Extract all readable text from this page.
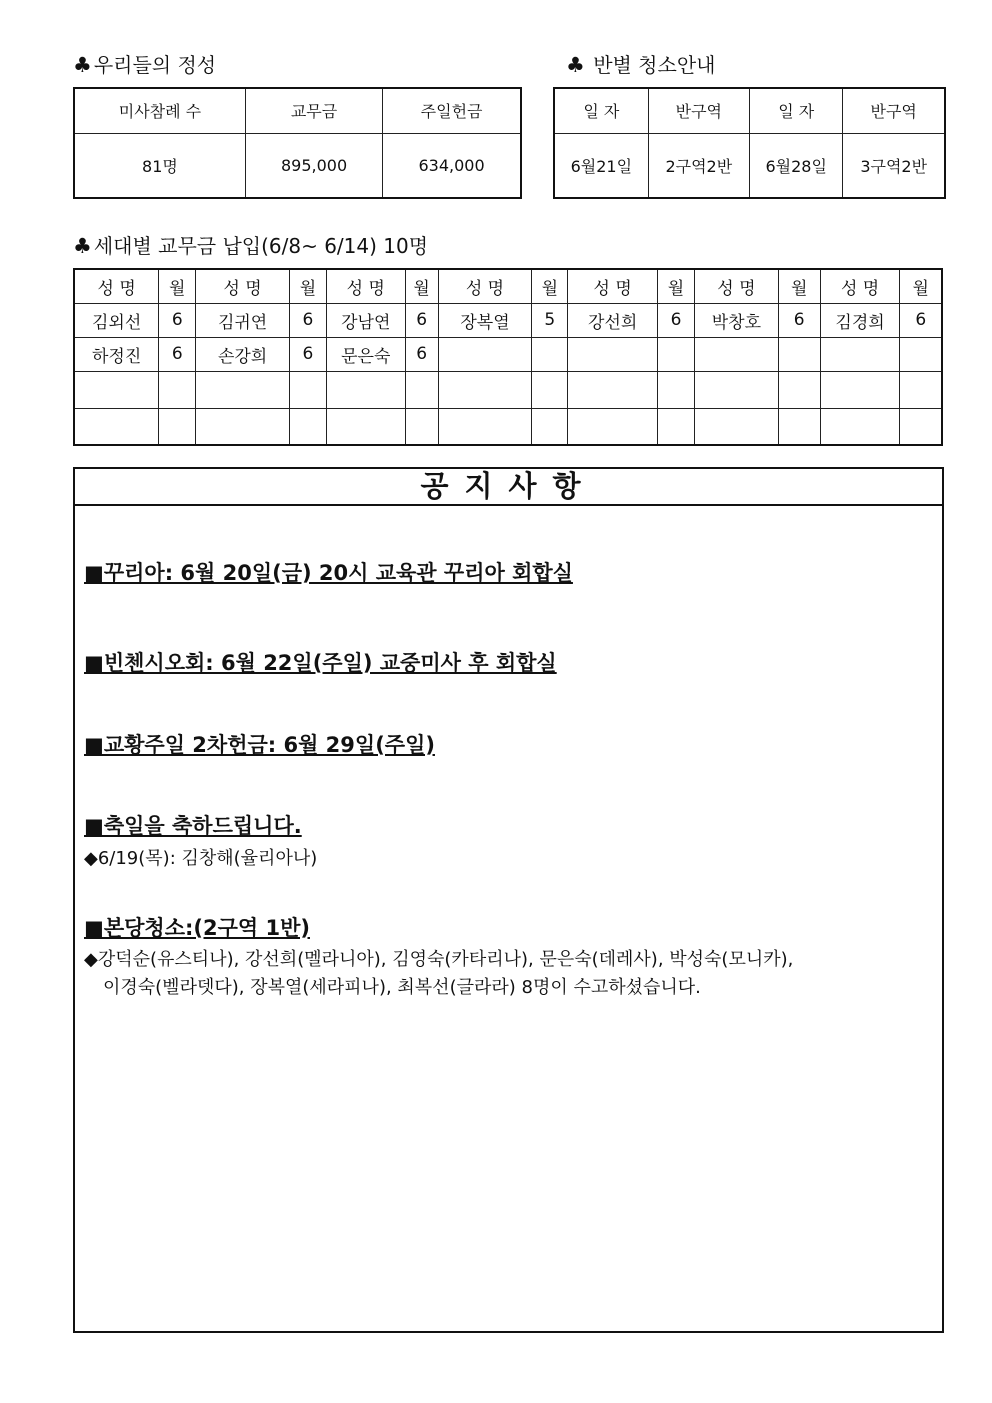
♣ 우리들의 정성
미사참례 수	교무금	주일헌금
81명	895,000	634,000
♣ 반별 청소안내
일 자	반구역	일 자	반구역
6월21일	2구역2반	6월28일	3구역2반
♣ 세대별 교무금 납입(6/8~ 6/14) 10명
성 명	월	성 명	월	성 명	월	성 명	월	성 명	월	성 명	월	성 명	월
김외선	6	김귀연	6	강남연	6	장복열	5	강선희	6	박창호	6	김경희	6
하정진	6	손강희	6	문은숙	6								

공지사항
■꾸리아: 6월 20일(금) 20시 교육관 꾸리아 회합실
■빈첸시오회: 6월 22일(주일) 교중미사 후 회합실
■교황주일 2차헌금: 6월 29일(주일)
■축일을 축하드립니다.
◆6/19(목): 김창해(율리아나)
■본당청소:(2구역 1반)
◆강덕순(유스티나), 강선희(멜라니아), 김영숙(카타리나), 문은숙(데레사), 박성숙(모니카),
이경숙(벨라뎃다), 장복열(세라피나), 최복선(글라라) 8명이 수고하셨습니다.
